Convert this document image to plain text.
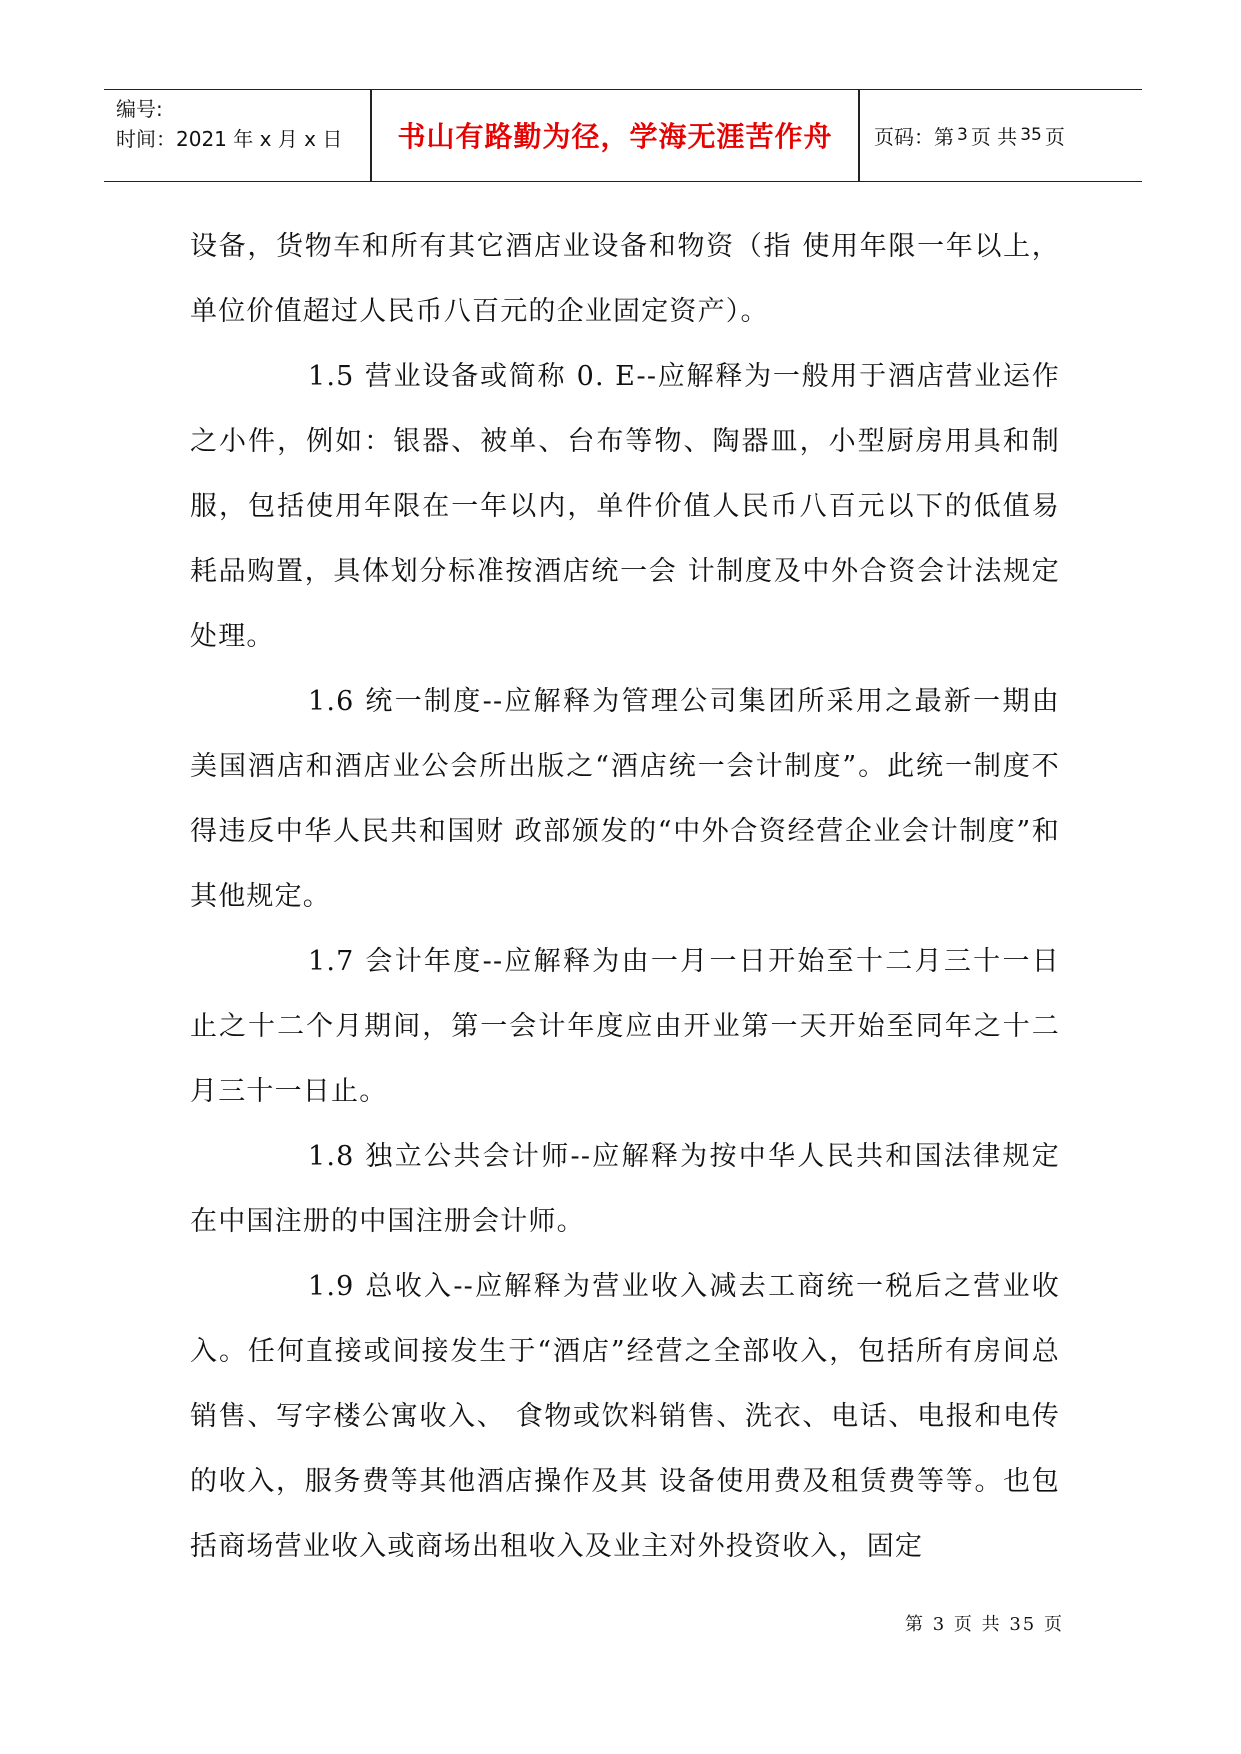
编号:
时间：2021 年 x 月 x 日	书山有路勤为径，学海无涯苦作舟	页码：第 3 页 共 35 页

设备，货物车和所有其它酒店业设备和物资（指 使用年限一年以上，单位价值超过人民币八百元的企业固定资产）。

1.5 营业设备或简称 0. E--应解释为一般用于酒店营业运作之小件，例如：银器、被单、台布等物、陶器皿，小型厨房用具和制服，包括使用年限在一年以内，单件价值人民币八百元以下的低值易耗品购置，具体划分标准按酒店统一会 计制度及中外合资会计法规定处理。

1.6 统一制度--应解释为管理公司集团所采用之最新一期由美国酒店和酒店业公会所出版之“酒店统一会计制度”。此统一制度不得违反中华人民共和国财 政部颁发的“中外合资经营企业会计制度”和其他规定。

1.7 会计年度--应解释为由一月一日开始至十二月三十一日止之十二个月期间，第一会计年度应由开业第一天开始至同年之十二月三十一日止。

1.8 独立公共会计师--应解释为按中华人民共和国法律规定在中国注册的中国注册会计师。

1.9 总收入--应解释为营业收入减去工商统一税后之营业收入。任何直接或间接发生于“酒店”经营之全部收入，包括所有房间总销售、写字楼公寓收入、 食物或饮料销售、洗衣、电话、电报和电传的收入，服务费等其他酒店操作及其 设备使用费及租赁费等等。也包括商场营业收入或商场出租收入及业主对外投资收入，固定

第 3 页 共 35 页
